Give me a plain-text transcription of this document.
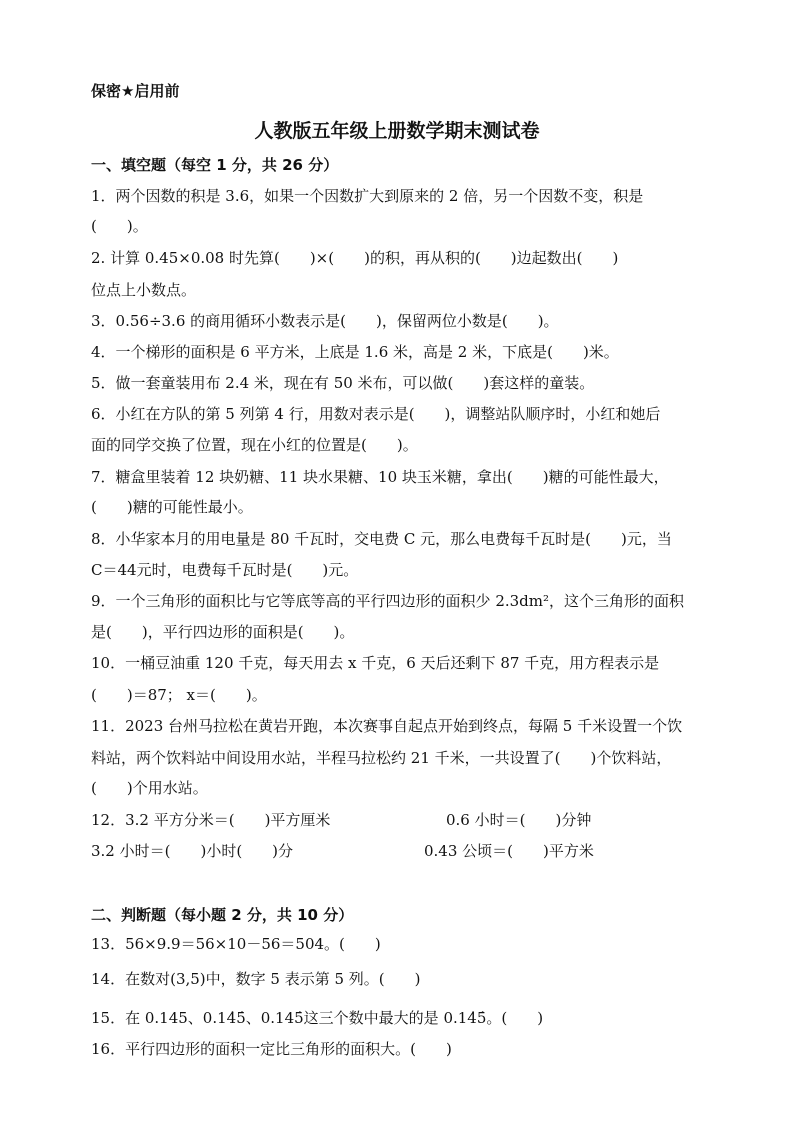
保密★启用前
人教版五年级上册数学期末测试卷
一、填空题（每空 1 分，共 26 分）
1．两个因数的积是 3.6，如果一个因数扩大到原来的 2 倍，另一个因数不变，积是
(　　)。
2. 计算 0.45×0.08 时先算(　　)×(　　)的积，再从积的(　　)边起数出(　　)
位点上小数点。
3．0.56÷3.6 的商用循环小数表示是(　　)，保留两位小数是(　　)。
4．一个梯形的面积是 6 平方米，上底是 1.6 米，高是 2 米，下底是(　　)米。
5．做一套童装用布 2.4 米，现在有 50 米布，可以做(　　)套这样的童装。
6．小红在方队的第 5 列第 4 行，用数对表示是(　　)，调整站队顺序时，小红和她后
面的同学交换了位置，现在小红的位置是(　　)。
7．糖盒里装着 12 块奶糖、11 块水果糖、10 块玉米糖，拿出(　　)糖的可能性最大，
(　　)糖的可能性最小。
8．小华家本月的用电量是 80 千瓦时，交电费 C 元，那么电费每千瓦时是(　　)元，当
C＝44元时，电费每千瓦时是(　　)元。
9．一个三角形的面积比与它等底等高的平行四边形的面积少 2.3dm²，这个三角形的面积
是(　　)，平行四边形的面积是(　　)。
10．一桶豆油重 120 千克，每天用去 x 千克，6 天后还剩下 87 千克，用方程表示是
(　　)＝87； x＝(　　)。
11．2023 台州马拉松在黄岩开跑，本次赛事自起点开始到终点，每隔 5 千米设置一个饮
料站，两个饮料站中间设用水站，半程马拉松约 21 千米，一共设置了(　　)个饮料站，
(　　)个用水站。
12．3.2 平方分米＝(　　)平方厘米	0.6 小时＝(　　)分钟
3.2 小时＝(　　)小时(　　)分	0.43 公顷＝(　　)平方米
二、判断题（每小题 2 分，共 10 分）
13．56×9.9＝56×10－56＝504。(　　)
14．在数对(3,5)中，数字 5 表示第 5 列。(　　)
15．在 0.145、0.14̇5̇、0.145̇这三个数中最大的是 0.14̇5̇。(　　)
16．平行四边形的面积一定比三角形的面积大。(　　)
